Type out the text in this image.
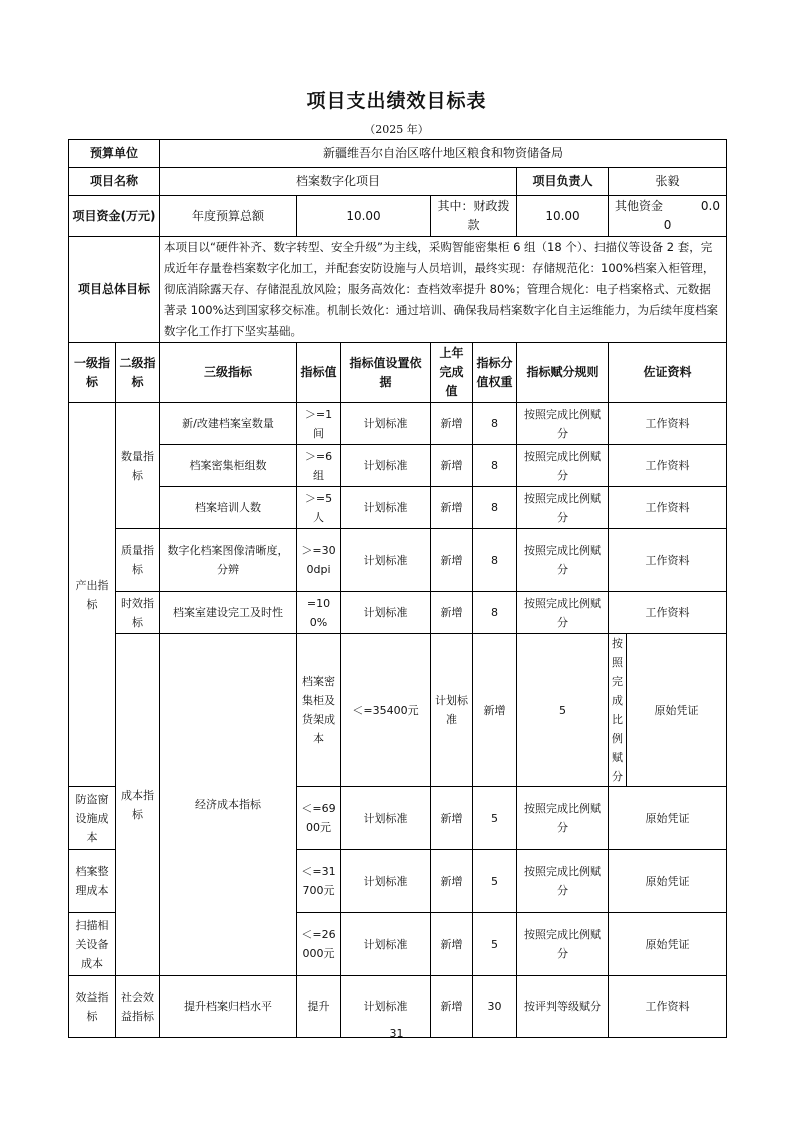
项目支出绩效目标表
（2025 年）
预算单位		新疆维吾尔自治区喀什地区粮食和物资储备局							
项目名称		档案数字化项目					项目负责人	张毅	
项目资金(万元)		年度预算总额	10.00		其中：财政拨款		10.00	其他资金 0.00	
项目总体目标		本项目以“硬件补齐、数字转型、安全升级”为主线，采购智能密集柜 6 组（18 个）、扫描仪等设备 2 套，完成近年存量卷档案数字化加工，并配套安防设施与人员培训，最终实现：存储规范化：100%档案入柜管理，彻底消除露天存、存储混乱放风险；服务高效化：查档效率提升 80%；管理合规化：电子档案格式、元数据著录 100%达到国家移交标准。机制长效化：通过培训、确保我局档案数字化自主运维能力，为后续年度档案数字化工作打下坚实基础。							
一级指标	二级指标	三级指标	指标值	指标值设置依据	上年完成值	指标分值权重	指标赋分规则	佐证资料	
产出指标	数量指标	新/改建档案室数量	＞=1间	计划标准	新增	8	按照完成比例赋分	工作资料	
		档案密集柜组数	＞=6组	计划标准	新增	8	按照完成比例赋分	工作资料	
		档案培训人数	＞=5人	计划标准	新增	8	按照完成比例赋分	工作资料	
	质量指标	数字化档案图像清晰度，分辨	＞=300dpi	计划标准	新增	8	按照完成比例赋分	工作资料	
	时效指标	档案室建设完工及时性	=100%	计划标准	新增	8	按照完成比例赋分	工作资料	
	成本指标	经济成本指标	档案密集柜及货架成本	＜=35400元	计划标准	新增	5	按照完成比例赋分	原始凭证
防盗窗设施成本			＜=6900元	计划标准	新增	5	按照完成比例赋分	原始凭证	
档案整理成本			＜=31700元	计划标准	新增	5	按照完成比例赋分	原始凭证	
扫描相关设备成本			＜=26000元	计划标准	新增	5	按照完成比例赋分	原始凭证	
效益指标	社会效益指标	提升档案归档水平	提升	计划标准	新增	30	按评判等级赋分	工作资料	
31
